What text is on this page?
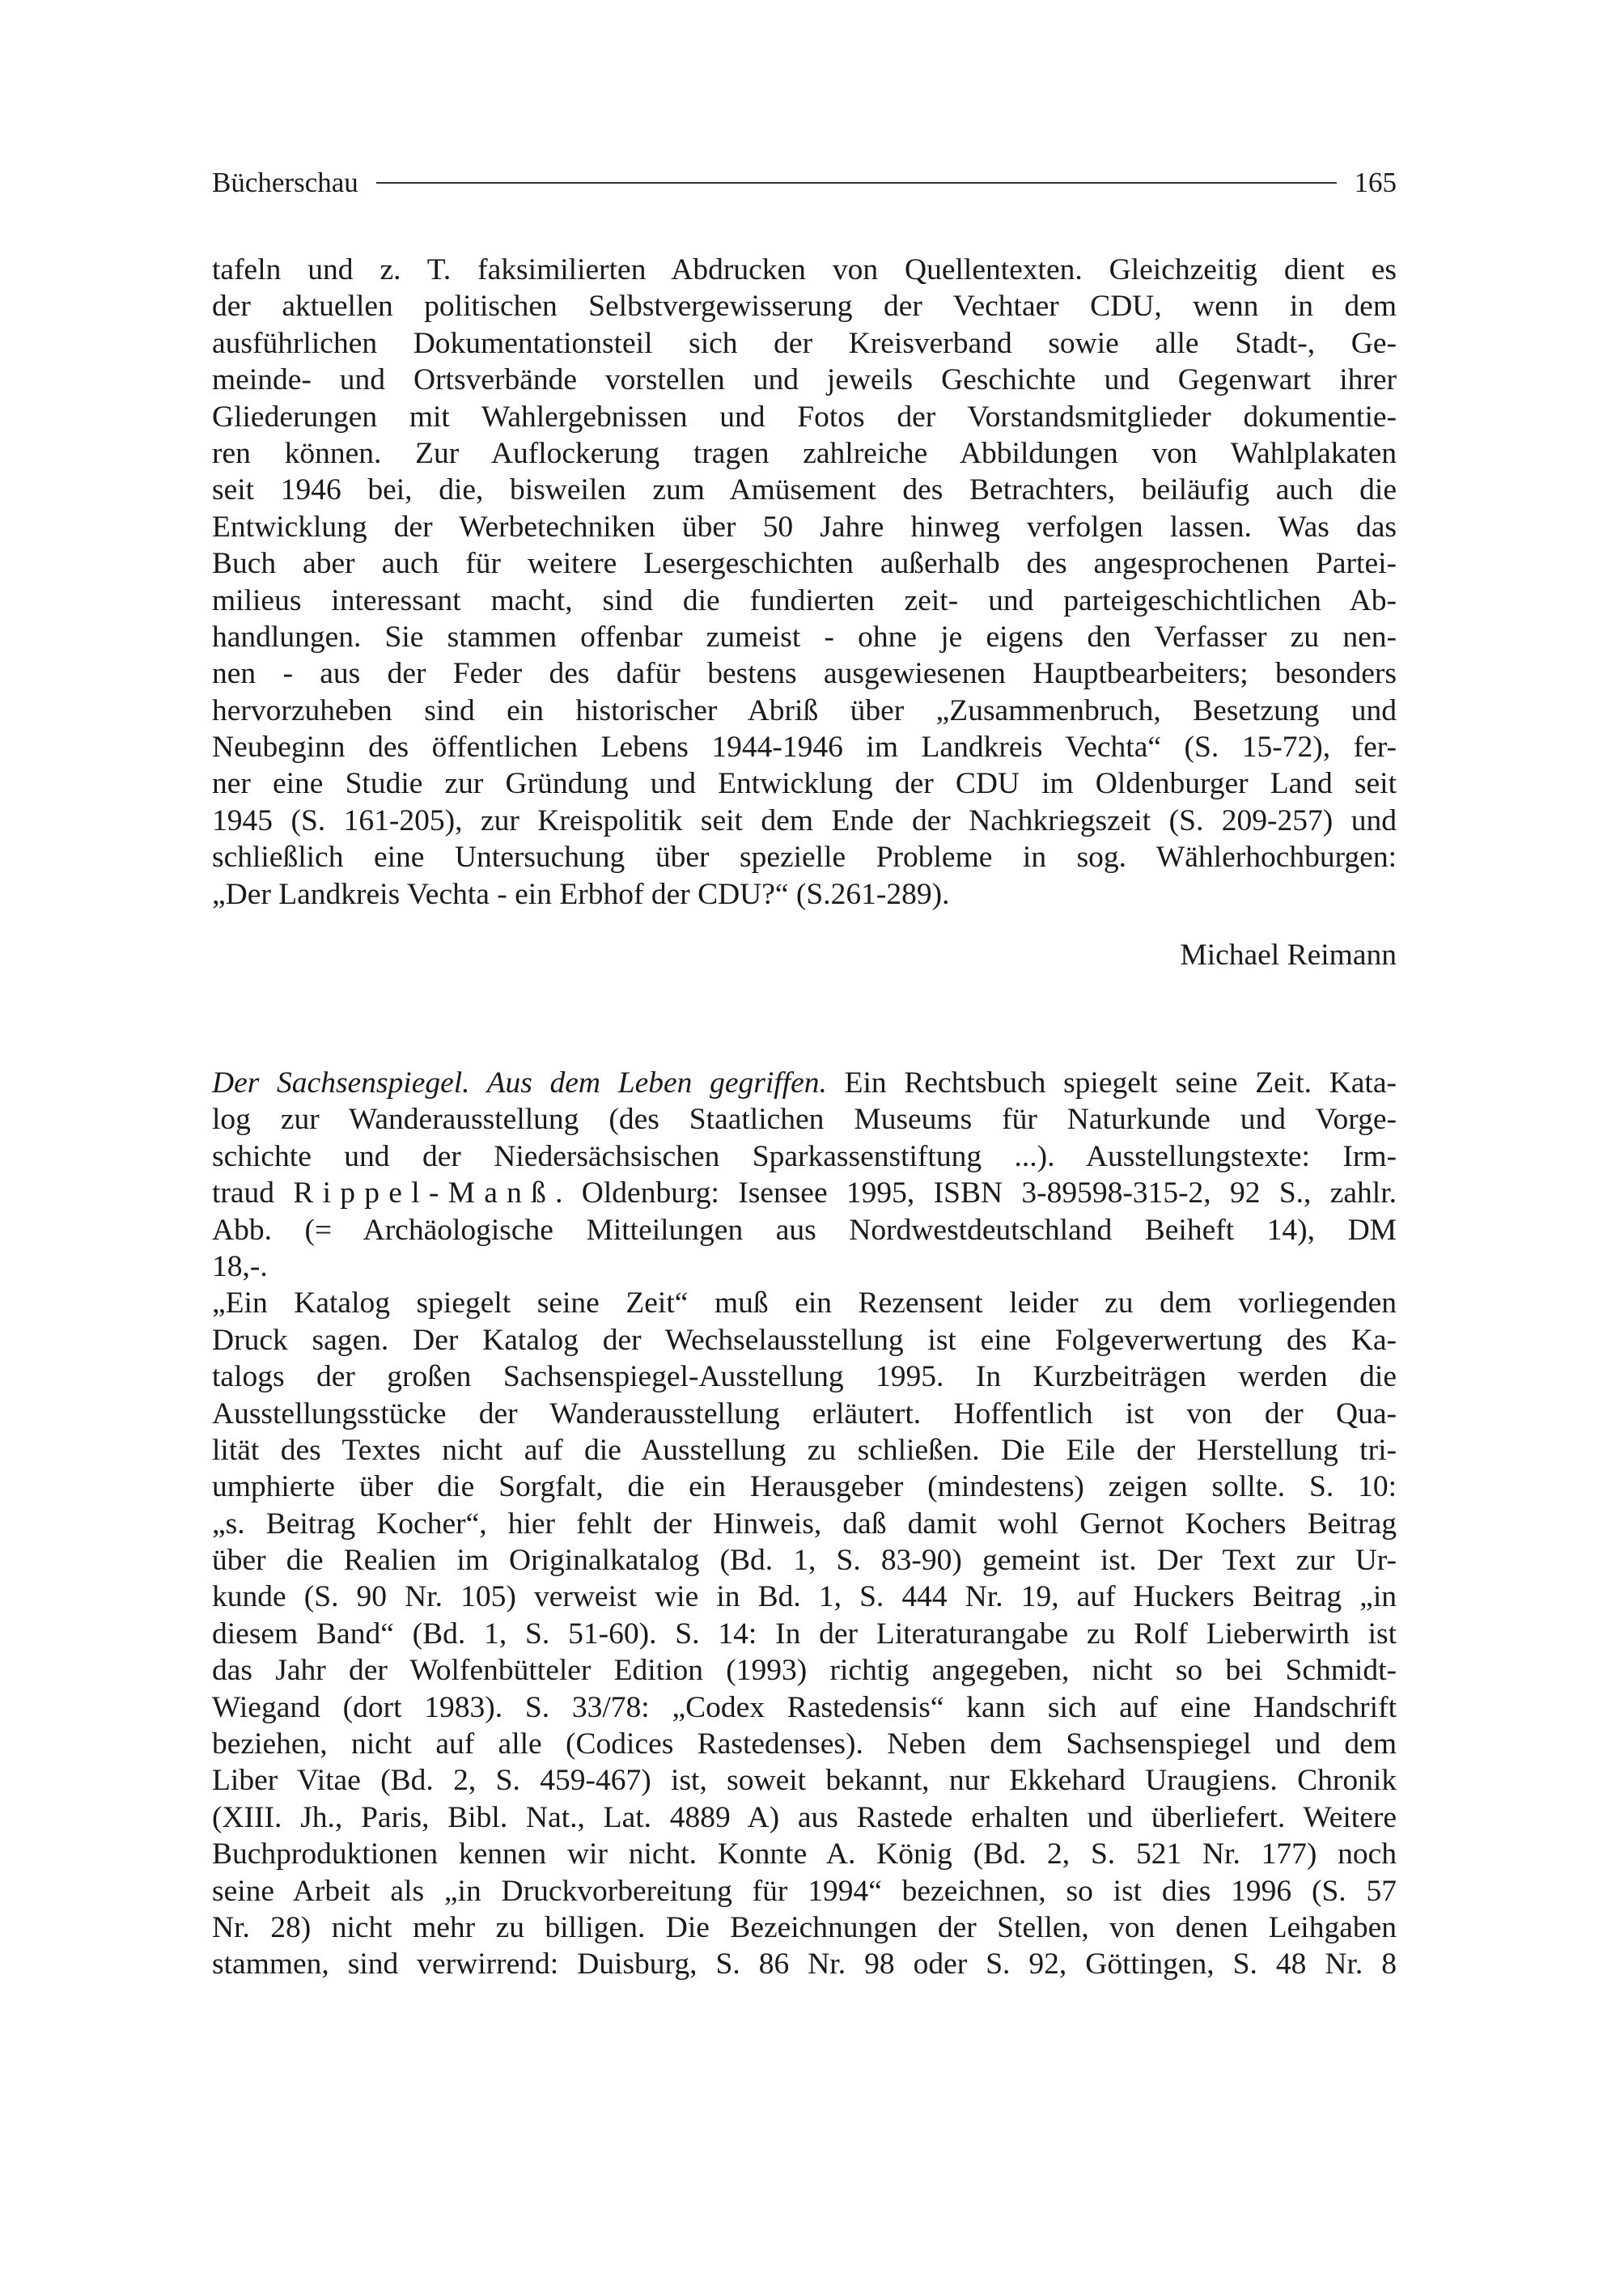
Bücherschau	165
tafeln und z. T. faksimilierten Abdrucken von Quellentexten. Gleichzeitig dient es
der aktuellen politischen Selbstvergewisserung der Vechtaer CDU, wenn in dem
ausführlichen Dokumentationsteil sich der Kreisverband sowie alle Stadt-, Ge-
meinde- und Ortsverbände vorstellen und jeweils Geschichte und Gegenwart ihrer
Gliederungen mit Wahlergebnissen und Fotos der Vorstandsmitglieder dokumentie-
ren können. Zur Auflockerung tragen zahlreiche Abbildungen von Wahlplakaten
seit 1946 bei, die, bisweilen zum Amüsement des Betrachters, beiläufig auch die
Entwicklung der Werbetechniken über 50 Jahre hinweg verfolgen lassen. Was das
Buch aber auch für weitere Lesergeschichten außerhalb des angesprochenen Partei-
milieus interessant macht, sind die fundierten zeit- und parteigeschichtlichen Ab-
handlungen. Sie stammen offenbar zumeist - ohne je eigens den Verfasser zu nen-
nen - aus der Feder des dafür bestens ausgewiesenen Hauptbearbeiters; besonders
hervorzuheben sind ein historischer Abriß über „Zusammenbruch, Besetzung und
Neubeginn des öffentlichen Lebens 1944-1946 im Landkreis Vechta“ (S. 15-72), fer-
ner eine Studie zur Gründung und Entwicklung der CDU im Oldenburger Land seit
1945 (S. 161-205), zur Kreispolitik seit dem Ende der Nachkriegszeit (S. 209-257) und
schließlich eine Untersuchung über spezielle Probleme in sog. Wählerhochburgen:
„Der Landkreis Vechta - ein Erbhof der CDU?“ (S.261-289).
Michael Reimann
Der Sachsenspiegel. Aus dem Leben gegriffen. Ein Rechtsbuch spiegelt seine Zeit. Kata-
log zur Wanderausstellung (des Staatlichen Museums für Naturkunde und Vorge-
schichte und der Niedersächsischen Sparkassenstiftung ...). Ausstellungstexte: Irm-
traud Rippel-Manß. Oldenburg: Isensee 1995, ISBN 3-89598-315-2, 92 S., zahlr.
Abb. (= Archäologische Mitteilungen aus Nordwestdeutschland Beiheft 14), DM
18,-.
„Ein Katalog spiegelt seine Zeit“ muß ein Rezensent leider zu dem vorliegenden
Druck sagen. Der Katalog der Wechselausstellung ist eine Folgeverwertung des Ka-
talogs der großen Sachsenspiegel-Ausstellung 1995. In Kurzbeiträgen werden die
Ausstellungsstücke der Wanderausstellung erläutert. Hoffentlich ist von der Qua-
lität des Textes nicht auf die Ausstellung zu schließen. Die Eile der Herstellung tri-
umphierte über die Sorgfalt, die ein Herausgeber (mindestens) zeigen sollte. S. 10:
„s. Beitrag Kocher“, hier fehlt der Hinweis, daß damit wohl Gernot Kochers Beitrag
über die Realien im Originalkatalog (Bd. 1, S. 83-90) gemeint ist. Der Text zur Ur-
kunde (S. 90 Nr. 105) verweist wie in Bd. 1, S. 444 Nr. 19, auf Huckers Beitrag „in
diesem Band“ (Bd. 1, S. 51-60). S. 14: In der Literaturangabe zu Rolf Lieberwirth ist
das Jahr der Wolfenbütteler Edition (1993) richtig angegeben, nicht so bei Schmidt-
Wiegand (dort 1983). S. 33/78: „Codex Rastedensis“ kann sich auf eine Handschrift
beziehen, nicht auf alle (Codices Rastedenses). Neben dem Sachsenspiegel und dem
Liber Vitae (Bd. 2, S. 459-467) ist, soweit bekannt, nur Ekkehard Uraugiens. Chronik
(XIII. Jh., Paris, Bibl. Nat., Lat. 4889 A) aus Rastede erhalten und überliefert. Weitere
Buchproduktionen kennen wir nicht. Konnte A. König (Bd. 2, S. 521 Nr. 177) noch
seine Arbeit als „in Druckvorbereitung für 1994“ bezeichnen, so ist dies 1996 (S. 57
Nr. 28) nicht mehr zu billigen. Die Bezeichnungen der Stellen, von denen Leihgaben
stammen, sind verwirrend: Duisburg, S. 86 Nr. 98 oder S. 92, Göttingen, S. 48 Nr. 8
